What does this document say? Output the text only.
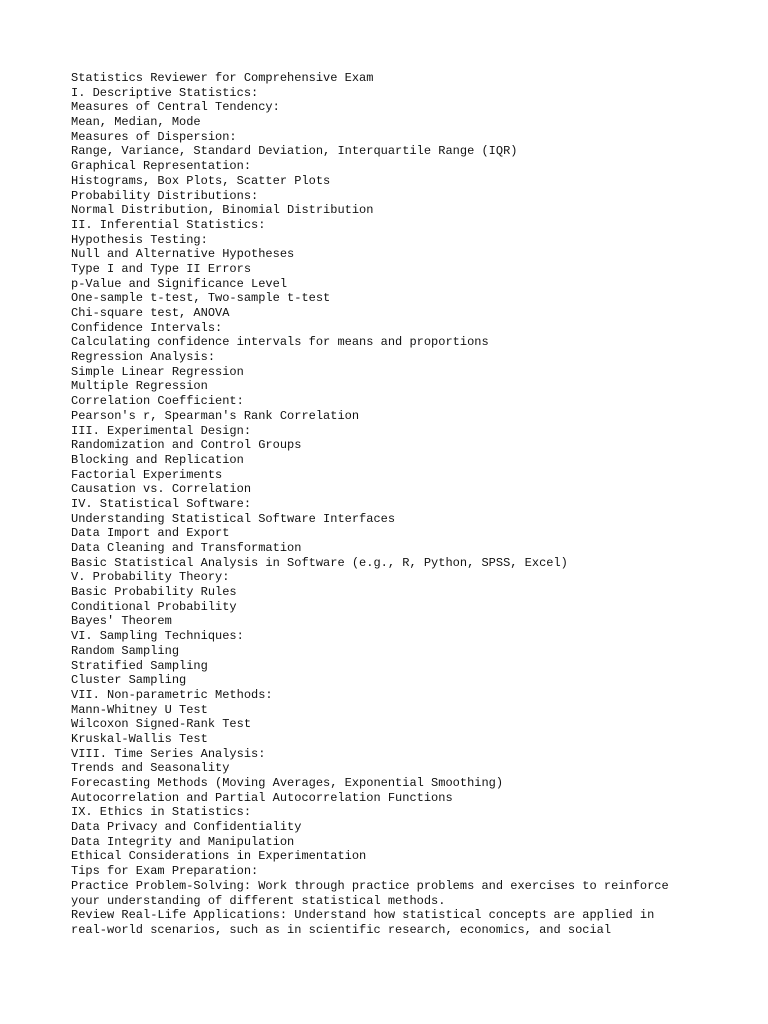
Statistics Reviewer for Comprehensive Exam
I. Descriptive Statistics:
Measures of Central Tendency:
Mean, Median, Mode
Measures of Dispersion:
Range, Variance, Standard Deviation, Interquartile Range (IQR)
Graphical Representation:
Histograms, Box Plots, Scatter Plots
Probability Distributions:
Normal Distribution, Binomial Distribution
II. Inferential Statistics:
Hypothesis Testing:
Null and Alternative Hypotheses
Type I and Type II Errors
p-Value and Significance Level
One-sample t-test, Two-sample t-test
Chi-square test, ANOVA
Confidence Intervals:
Calculating confidence intervals for means and proportions
Regression Analysis:
Simple Linear Regression
Multiple Regression
Correlation Coefficient:
Pearson's r, Spearman's Rank Correlation
III. Experimental Design:
Randomization and Control Groups
Blocking and Replication
Factorial Experiments
Causation vs. Correlation
IV. Statistical Software:
Understanding Statistical Software Interfaces
Data Import and Export
Data Cleaning and Transformation
Basic Statistical Analysis in Software (e.g., R, Python, SPSS, Excel)
V. Probability Theory:
Basic Probability Rules
Conditional Probability
Bayes' Theorem
VI. Sampling Techniques:
Random Sampling
Stratified Sampling
Cluster Sampling
VII. Non-parametric Methods:
Mann-Whitney U Test
Wilcoxon Signed-Rank Test
Kruskal-Wallis Test
VIII. Time Series Analysis:
Trends and Seasonality
Forecasting Methods (Moving Averages, Exponential Smoothing)
Autocorrelation and Partial Autocorrelation Functions
IX. Ethics in Statistics:
Data Privacy and Confidentiality
Data Integrity and Manipulation
Ethical Considerations in Experimentation
Tips for Exam Preparation:
Practice Problem-Solving: Work through practice problems and exercises to reinforce
your understanding of different statistical methods.
Review Real-Life Applications: Understand how statistical concepts are applied in
real-world scenarios, such as in scientific research, economics, and social
